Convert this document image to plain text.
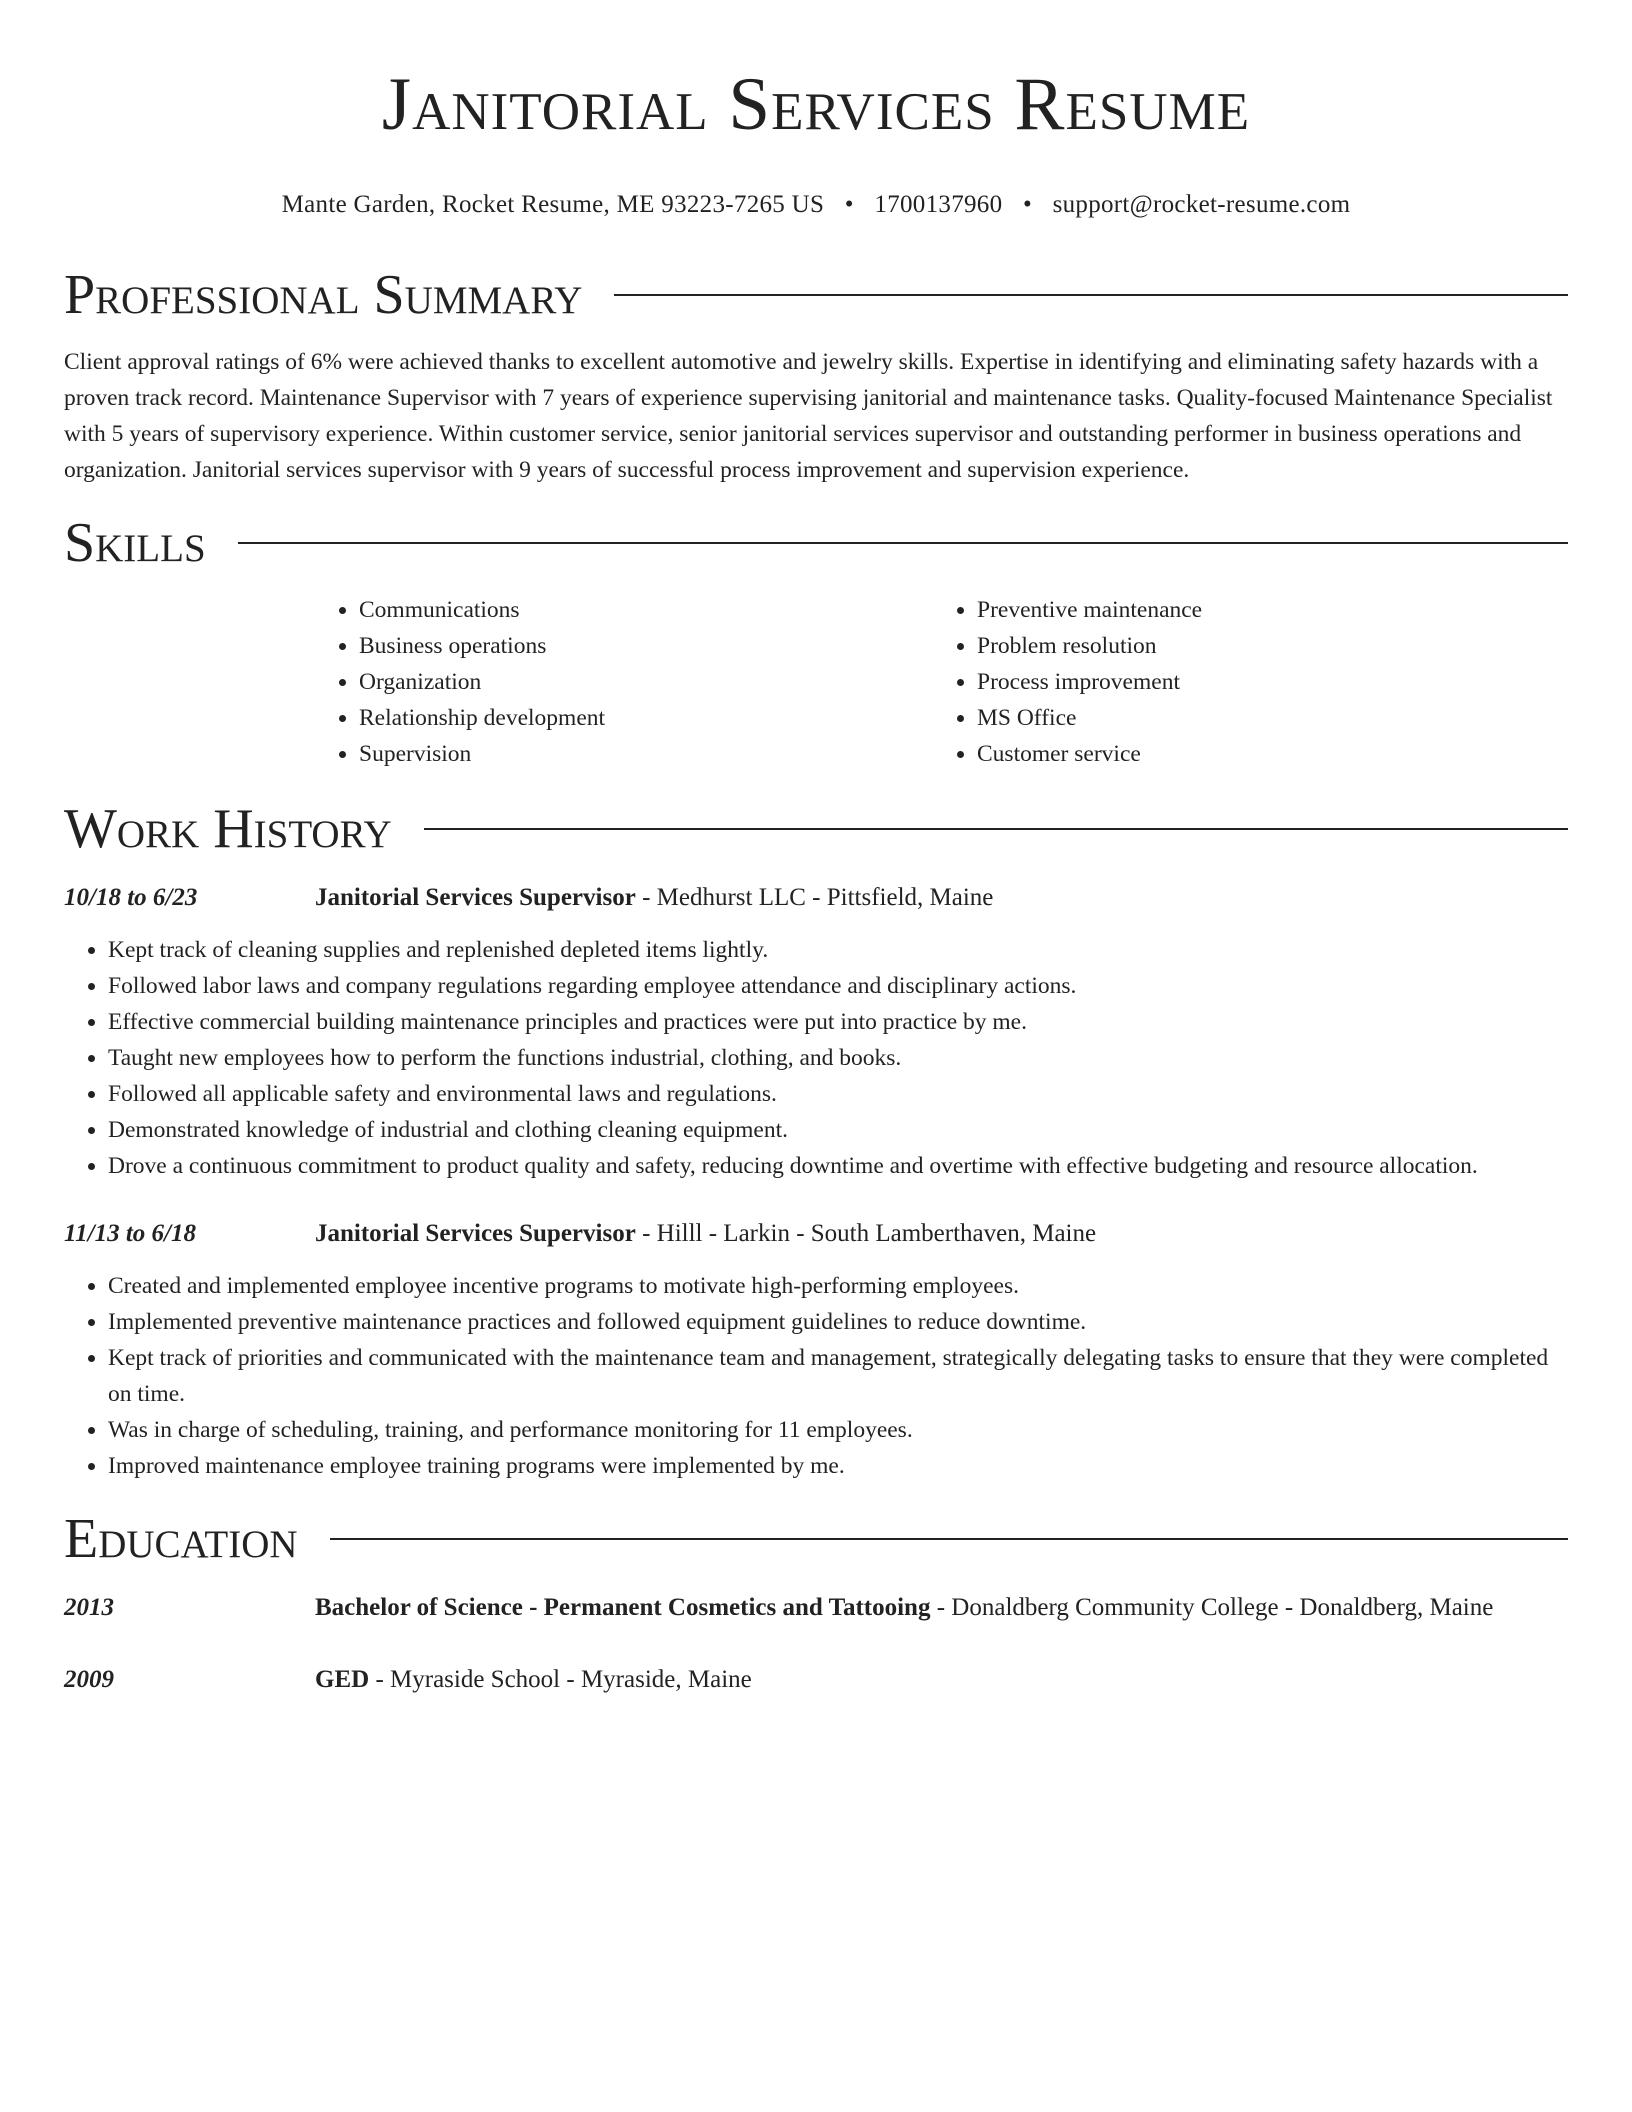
Janitorial Services Resume
Mante Garden, Rocket Resume, ME 93223-7265 US • 1700137960 • support@rocket-resume.com
Professional Summary

Client approval ratings of 6% were achieved thanks to excellent automotive and jewelry skills. Expertise in identifying and eliminating safety hazards with a proven track record. Maintenance Supervisor with 7 years of experience supervising janitorial and maintenance tasks. Quality-focused Maintenance Specialist with 5 years of supervisory experience. Within customer service, senior janitorial services supervisor and outstanding performer in business operations and organization. Janitorial services supervisor with 9 years of successful process improvement and supervision experience.

Skills
• Communications
• Business operations
• Organization
• Relationship development
• Supervision
• Preventive maintenance
• Problem resolution
• Process improvement
• MS Office
• Customer service
Work History
10/18 to 6/23	Janitorial Services Supervisor - Medhurst LLC - Pittsfield, Maine
• Kept track of cleaning supplies and replenished depleted items lightly.
• Followed labor laws and company regulations regarding employee attendance and disciplinary actions.
• Effective commercial building maintenance principles and practices were put into practice by me.
• Taught new employees how to perform the functions industrial, clothing, and books.
• Followed all applicable safety and environmental laws and regulations.
• Demonstrated knowledge of industrial and clothing cleaning equipment.
• Drove a continuous commitment to product quality and safety, reducing downtime and overtime with effective budgeting and resource allocation.
11/13 to 6/18	Janitorial Services Supervisor - Hilll - Larkin - South Lamberthaven, Maine
• Created and implemented employee incentive programs to motivate high-performing employees.
• Implemented preventive maintenance practices and followed equipment guidelines to reduce downtime.
• Kept track of priorities and communicated with the maintenance team and management, strategically delegating tasks to ensure that they were completed on time.
• Was in charge of scheduling, training, and performance monitoring for 11 employees.
• Improved maintenance employee training programs were implemented by me.
Education
2013	Bachelor of Science - Permanent Cosmetics and Tattooing - Donaldberg Community College - Donaldberg, Maine
2009	GED - Myraside School - Myraside, Maine
